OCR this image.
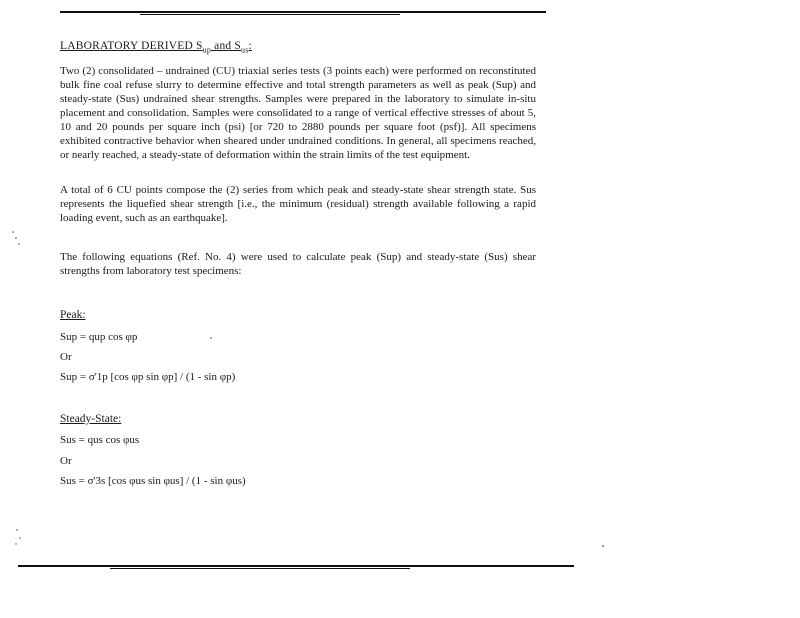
LABORATORY DERIVED $S_{up}$ and $S_{us}$:

Two (2) consolidated – undrained (CU) triaxial series tests (3 points each) were performed on reconstituted bulk fine coal refuse slurry to determine effective and total strength parameters as well as peak (Sup) and steady-state (Sus) undrained shear strengths. Samples were prepared in the laboratory to simulate in-situ placement and consolidation. Samples were consolidated to a range of vertical effective stresses of about 5, 10 and 20 pounds per square inch (psi) [or 720 to 2880 pounds per square foot (psf)]. All specimens exhibited contractive behavior when sheared under undrained conditions. In general, all specimens reached, or nearly reached, a steady-state of deformation within the strain limits of the test equipment.

A total of 6 CU points compose the (2) series from which peak and steady-state shear strength state. Sus represents the liquefied shear strength [i.e., the minimum (residual) strength available following a rapid loading event, such as an earthquake].

The following equations (Ref. No. 4) were used to calculate peak (Sup) and steady-state (Sus) shear strengths from laboratory test specimens:

Peak:
Sup = qup cos φp
Or
Sup = σ'1p [cos φp sin φp] / (1 - sin φp)
Steady-State:
Sus = qus cos φus
Or
Sus = σ'3s [cos φus sin φus] / (1 - sin φus)
